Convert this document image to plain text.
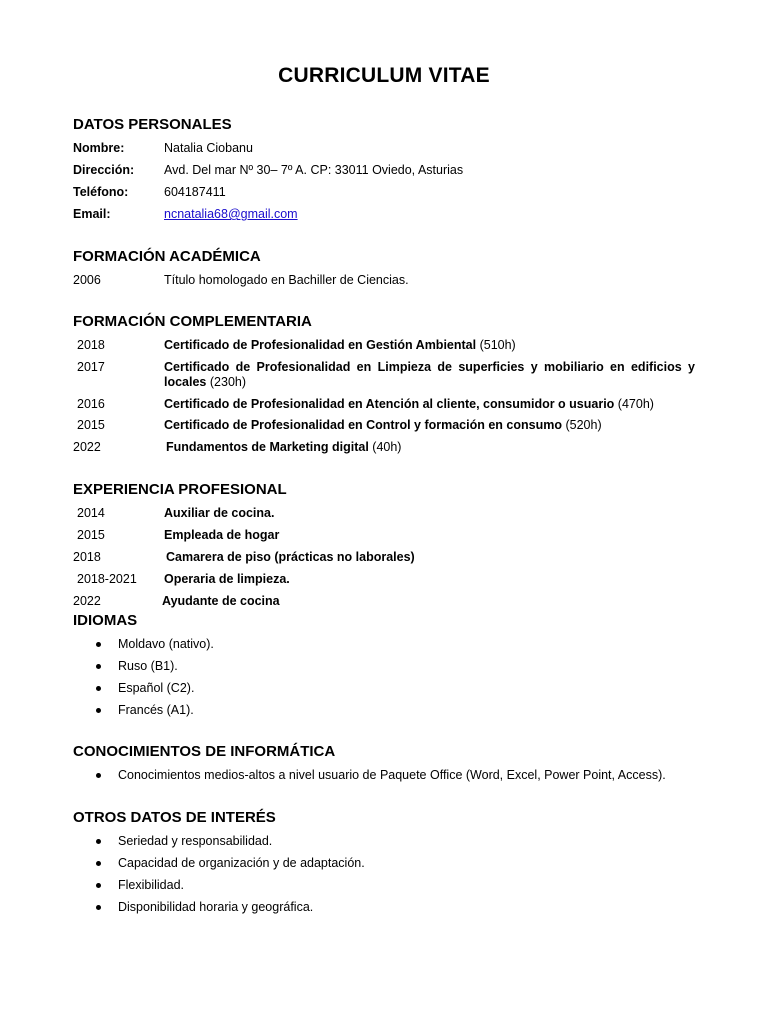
CURRICULUM VITAE
DATOS PERSONALES
Nombre:	Natalia Ciobanu
Dirección: Avd. Del mar Nº 30– 7º A. CP: 33011 Oviedo, Asturias
Teléfono:	604187411
Email:	ncnatalia68@gmail.com
FORMACIÓN ACADÉMICA
2006	Título homologado en Bachiller de Ciencias.
FORMACIÓN COMPLEMENTARIA
2018	Certificado de Profesionalidad en Gestión Ambiental (510h)
2017	Certificado de Profesionalidad en Limpieza de superficies y mobiliario en edificios y locales (230h)
2016	Certificado de Profesionalidad en Atención al cliente, consumidor o usuario (470h)
2015	Certificado de Profesionalidad en Control y formación en consumo (520h)
2022	Fundamentos de Marketing digital (40h)
EXPERIENCIA PROFESIONAL
2014	Auxiliar de cocina.
2015	Empleada de hogar
2018	Camarera de piso (prácticas no laborales)
2018-2021 Operaria de limpieza.
2022	Ayudante de cocina
IDIOMAS
Moldavo (nativo).
Ruso (B1).
Español (C2).
Francés (A1).
CONOCIMIENTOS DE INFORMÁTICA
Conocimientos medios-altos a nivel usuario de Paquete Office (Word, Excel, Power Point, Access).
OTROS DATOS DE INTERÉS
Seriedad y responsabilidad.
Capacidad de organización y de adaptación.
Flexibilidad.
Disponibilidad horaria y geográfica.
